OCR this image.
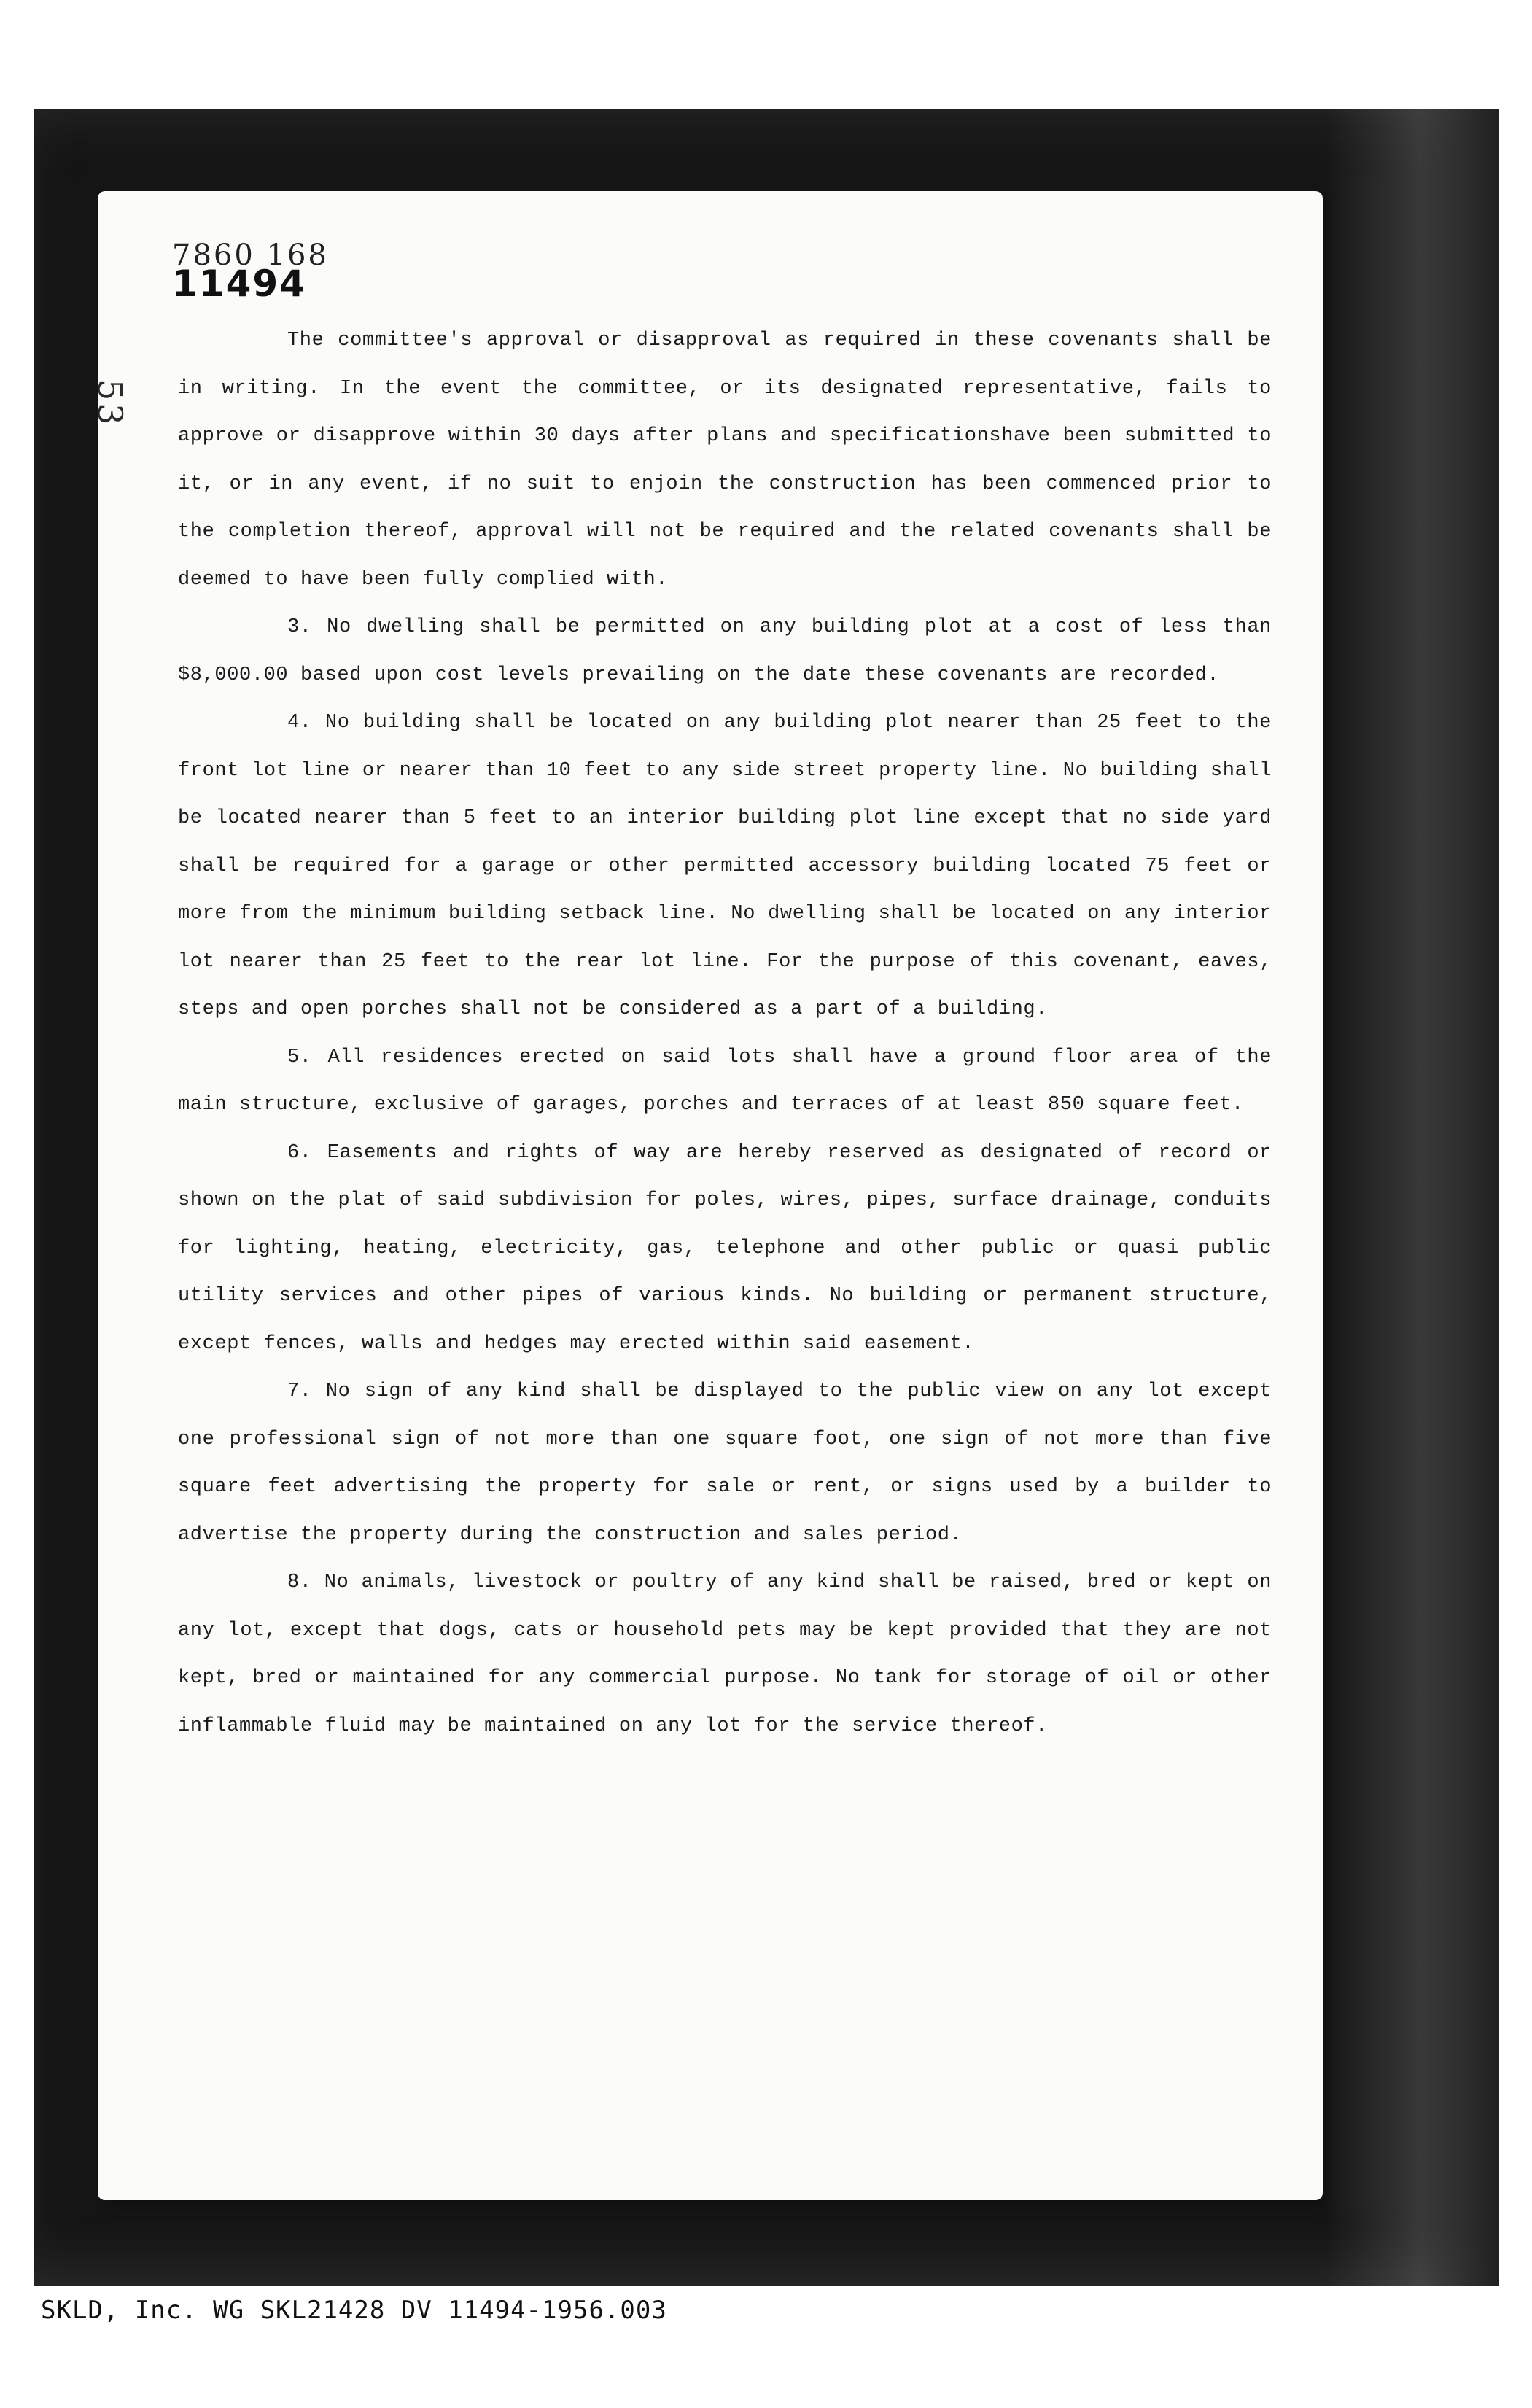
7860 168
11494
53

The committee's approval or disapproval as required in these covenants shall be in writing. In the event the committee, or its designated representative, fails to approve or disapprove within 30 days after plans and specificationshave been submitted to it, or in any event, if no suit to enjoin the construction has been commenced prior to the completion thereof, approval will not be required and the related covenants shall be deemed to have been fully complied with.

3. No dwelling shall be permitted on any building plot at a cost of less than $8,000.00 based upon cost levels prevailing on the date these covenants are recorded.

4. No building shall be located on any building plot nearer than 25 feet to the front lot line or nearer than 10 feet to any side street property line. No building shall be located nearer than 5 feet to an interior building plot line except that no side yard shall be required for a garage or other permitted accessory building located 75 feet or more from the minimum building setback line. No dwelling shall be located on any interior lot nearer than 25 feet to the rear lot line. For the purpose of this covenant, eaves, steps and open porches shall not be considered as a part of a building.

5. All residences erected on said lots shall have a ground floor area of the main structure, exclusive of garages, porches and terraces of at least 850 square feet.

6. Easements and rights of way are hereby reserved as designated of record or shown on the plat of said subdivision for poles, wires, pipes, surface drainage, conduits for lighting, heating, electricity, gas, telephone and other public or quasi public utility services and other pipes of various kinds. No building or permanent structure, except fences, walls and hedges may erected within said easement.

7. No sign of any kind shall be displayed to the public view on any lot except one professional sign of not more than one square foot, one sign of not more than five square feet advertising the property for sale or rent, or signs used by a builder to advertise the property during the construction and sales period.

8. No animals, livestock or poultry of any kind shall be raised, bred or kept on any lot, except that dogs, cats or household pets may be kept provided that they are not kept, bred or maintained for any commercial purpose. No tank for storage of oil or other inflammable fluid may be maintained on any lot for the service thereof.

SKLD, Inc. WG SKL21428 DV 11494-1956.003
